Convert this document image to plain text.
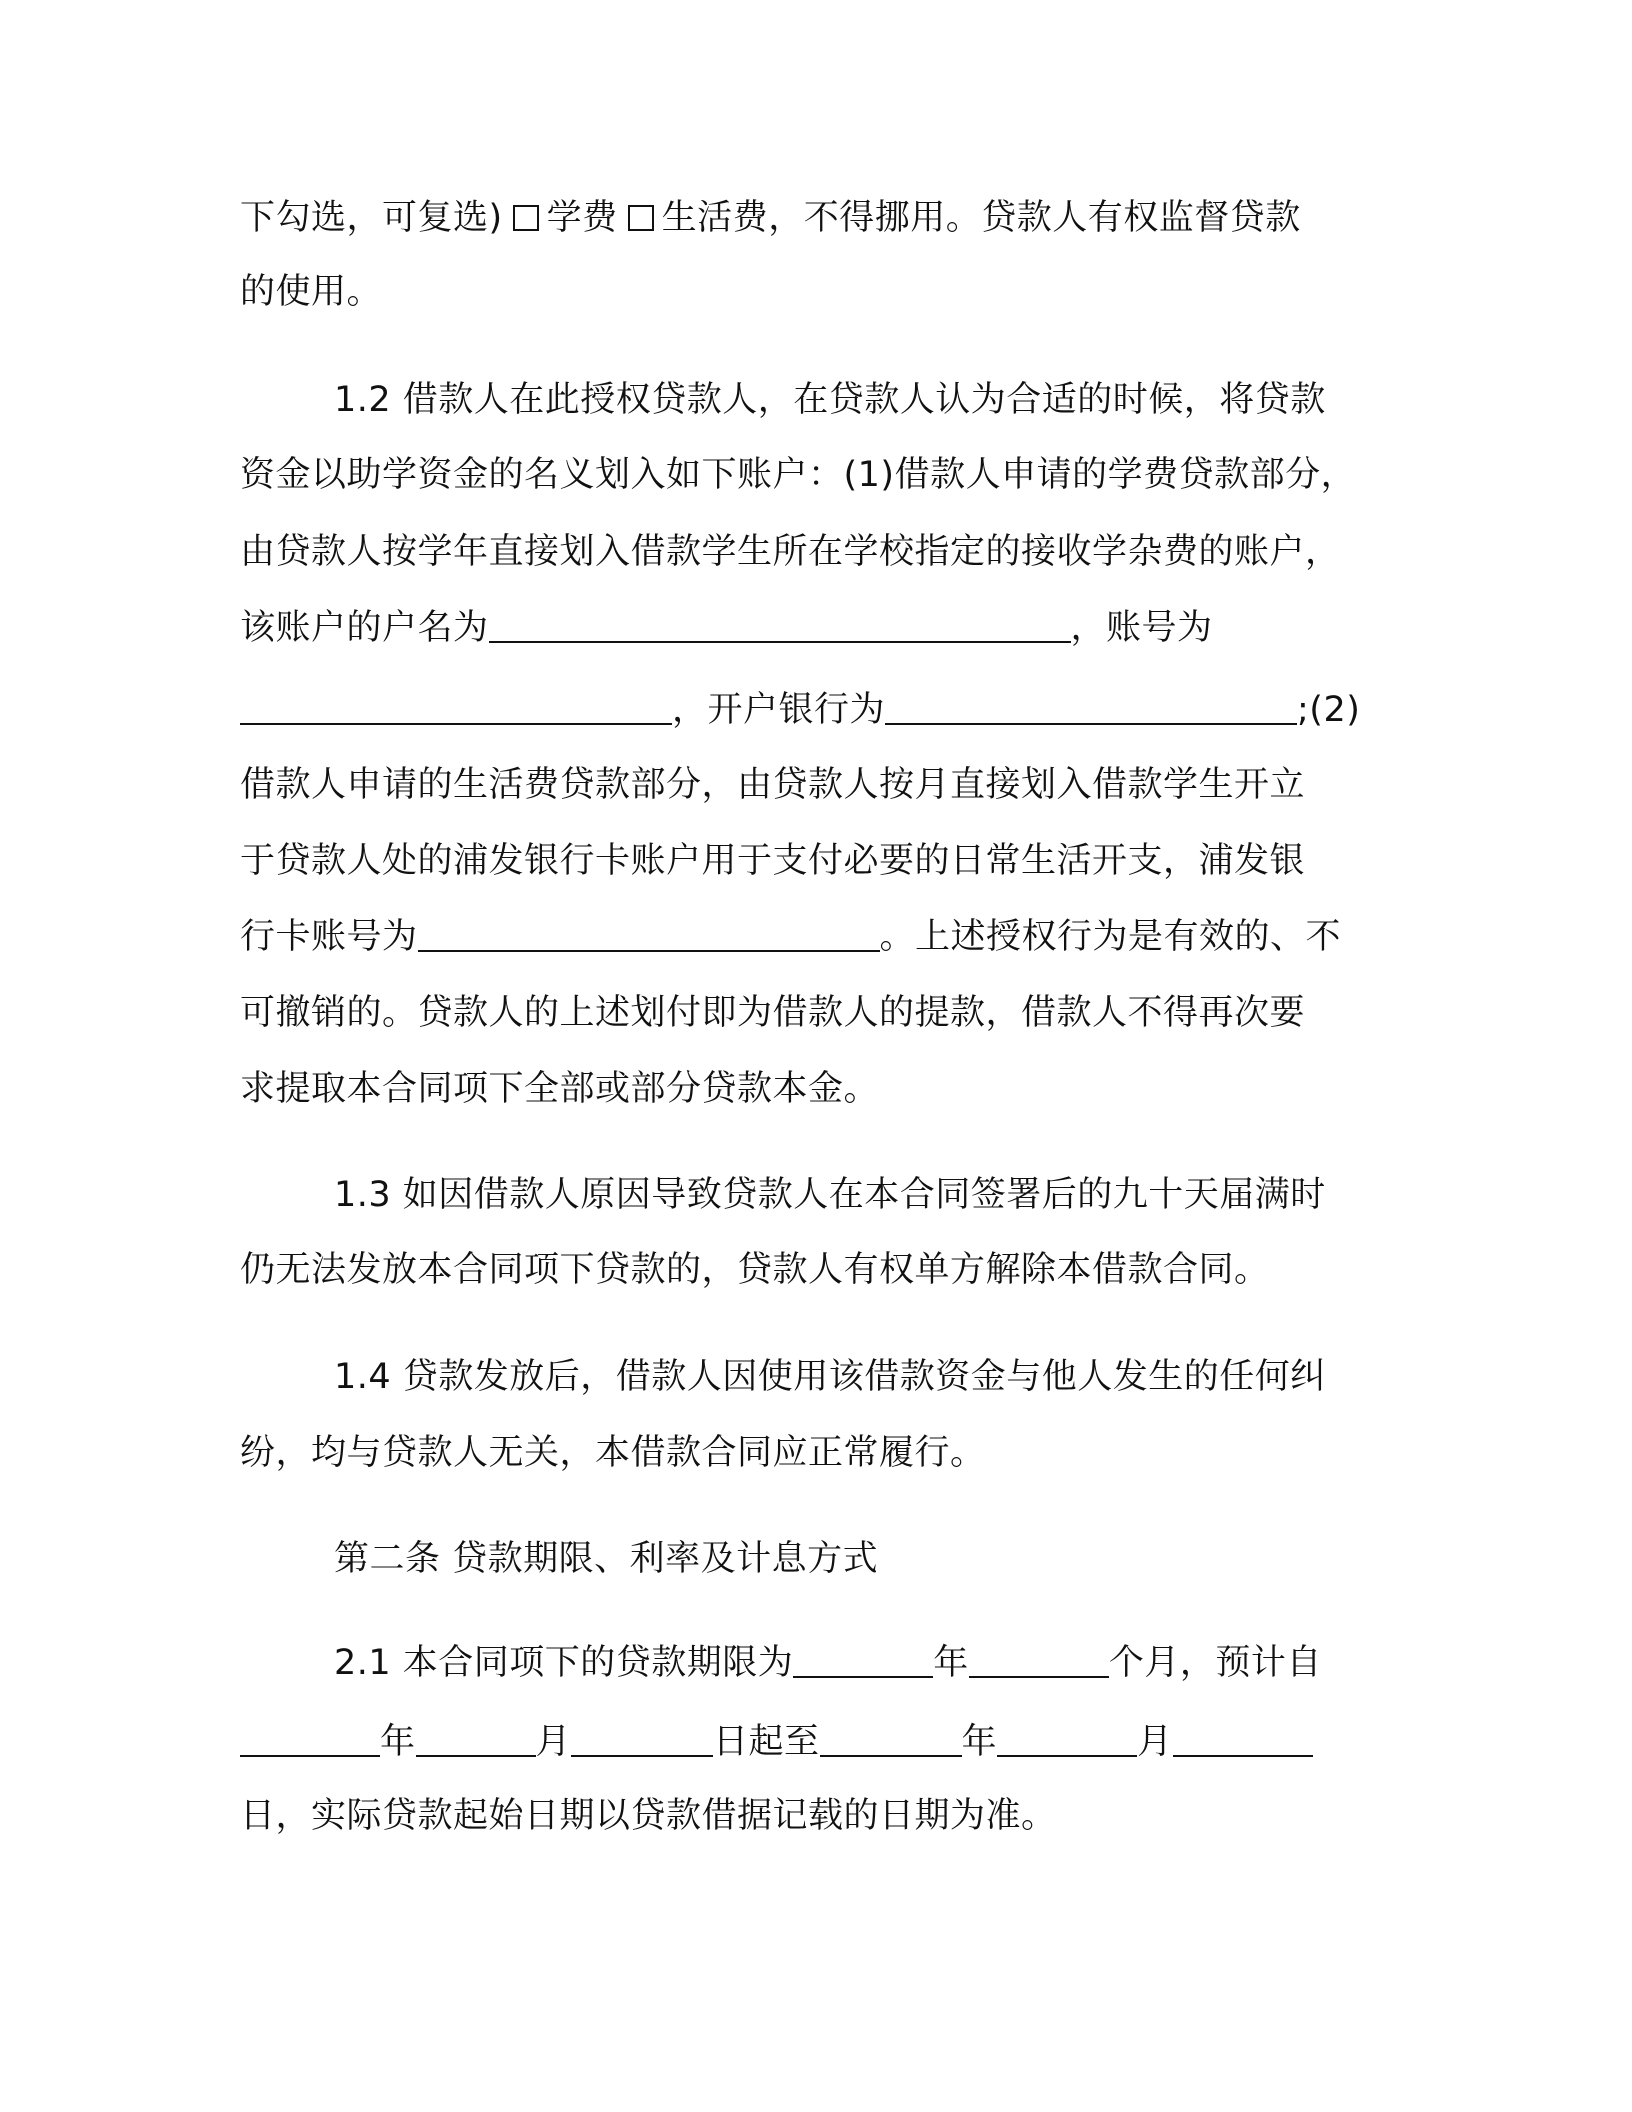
下勾选，可复选) 学费 生活费，不得挪用。贷款人有权监督贷款
的使用。
1.2 借款人在此授权贷款人，在贷款人认为合适的时候，将贷款
资金以助学资金的名义划入如下账户：(1)借款人申请的学费贷款部分，
由贷款人按学年直接划入借款学生所在学校指定的接收学杂费的账户，
该账户的户名为	，账号为
，开户银行为	;(2)
借款人申请的生活费贷款部分，由贷款人按月直接划入借款学生开立
于贷款人处的浦发银行卡账户用于支付必要的日常生活开支，浦发银
行卡账号为	。上述授权行为是有效的、不
可撤销的。贷款人的上述划付即为借款人的提款，借款人不得再次要
求提取本合同项下全部或部分贷款本金。
1.3 如因借款人原因导致贷款人在本合同签署后的九十天届满时
仍无法发放本合同项下贷款的，贷款人有权单方解除本借款合同。
1.4 贷款发放后，借款人因使用该借款资金与他人发生的任何纠
纷，均与贷款人无关，本借款合同应正常履行。
第二条 贷款期限、利率及计息方式
2.1 本合同项下的贷款期限为	年	个月，预计自
年	月	日起至	年	月
日，实际贷款起始日期以贷款借据记载的日期为准。
